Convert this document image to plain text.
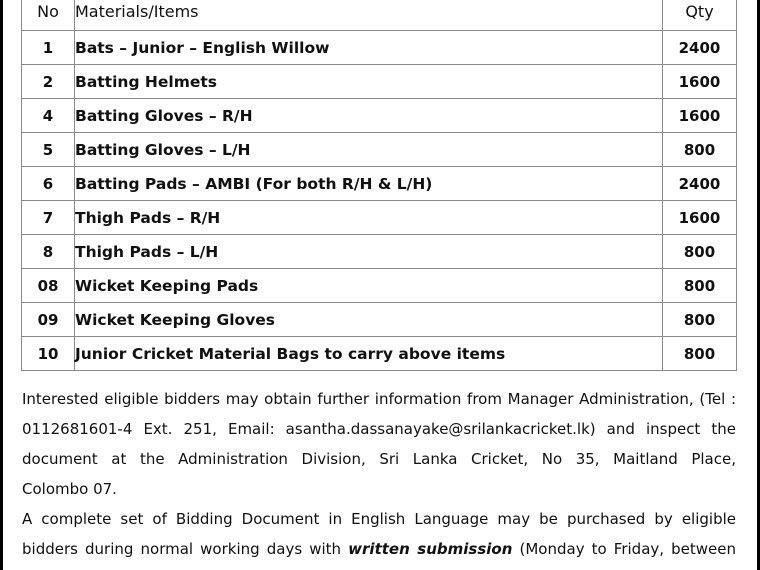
No	Materials/Items	Qty
1	Bats – Junior – English Willow	2400
2	Batting Helmets	1600
4	Batting Gloves – R/H	1600
5	Batting Gloves – L/H	800
6	Batting Pads – AMBI (For both R/H & L/H)	2400
7	Thigh Pads – R/H	1600
8	Thigh Pads – L/H	800
08	Wicket Keeping Pads	800
09	Wicket Keeping Gloves	800
10	Junior Cricket Material Bags to carry above items	800

Interested eligible bidders may obtain further information from Manager Administration, (Tel : 0112681601-4 Ext. 251, Email: asantha.dassanayake@srilankacricket.lk) and inspect the document at the Administration Division, Sri Lanka Cricket, No 35, Maitland Place,
Colombo 07.

A complete set of Bidding Document in English Language may be purchased by eligible bidders during normal working days with written submission (Monday to Friday, between
